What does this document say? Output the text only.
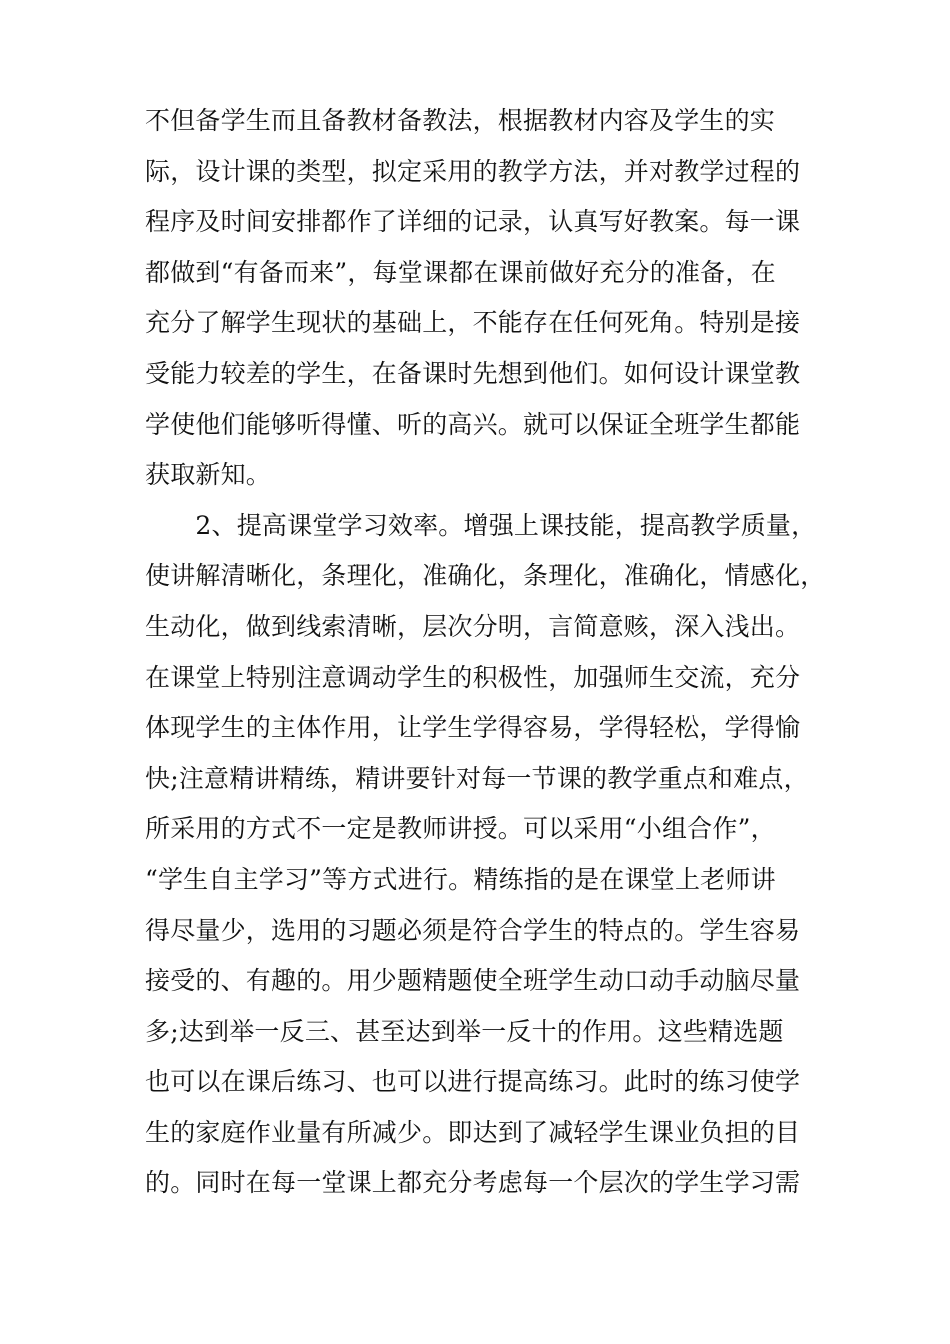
不但备学生而且备教材备教法，根据教材内容及学生的实
际，设计课的类型，拟定采用的教学方法，并对教学过程的
程序及时间安排都作了详细的记录，认真写好教案。每一课
都做到“有备而来”，每堂课都在课前做好充分的准备，在
充分了解学生现状的基础上，不能存在任何死角。特别是接
受能力较差的学生，在备课时先想到他们。如何设计课堂教
学使他们能够听得懂、听的高兴。就可以保证全班学生都能
获取新知。
　　2、提高课堂学习效率。增强上课技能，提高教学质量，
使讲解清晰化，条理化，准确化，条理化，准确化，情感化，
生动化，做到线索清晰，层次分明，言简意赅，深入浅出。
在课堂上特别注意调动学生的积极性，加强师生交流，充分
体现学生的主体作用，让学生学得容易，学得轻松，学得愉
快;注意精讲精练，精讲要针对每一节课的教学重点和难点，
所采用的方式不一定是教师讲授。可以采用“小组合作”，
“学生自主学习”等方式进行。精练指的是在课堂上老师讲
得尽量少，选用的习题必须是符合学生的特点的。学生容易
接受的、有趣的。用少题精题使全班学生动口动手动脑尽量
多;达到举一反三、甚至达到举一反十的作用。这些精选题
也可以在课后练习、也可以进行提高练习。此时的练习使学
生的家庭作业量有所减少。即达到了减轻学生课业负担的目
的。同时在每一堂课上都充分考虑每一个层次的学生学习需
